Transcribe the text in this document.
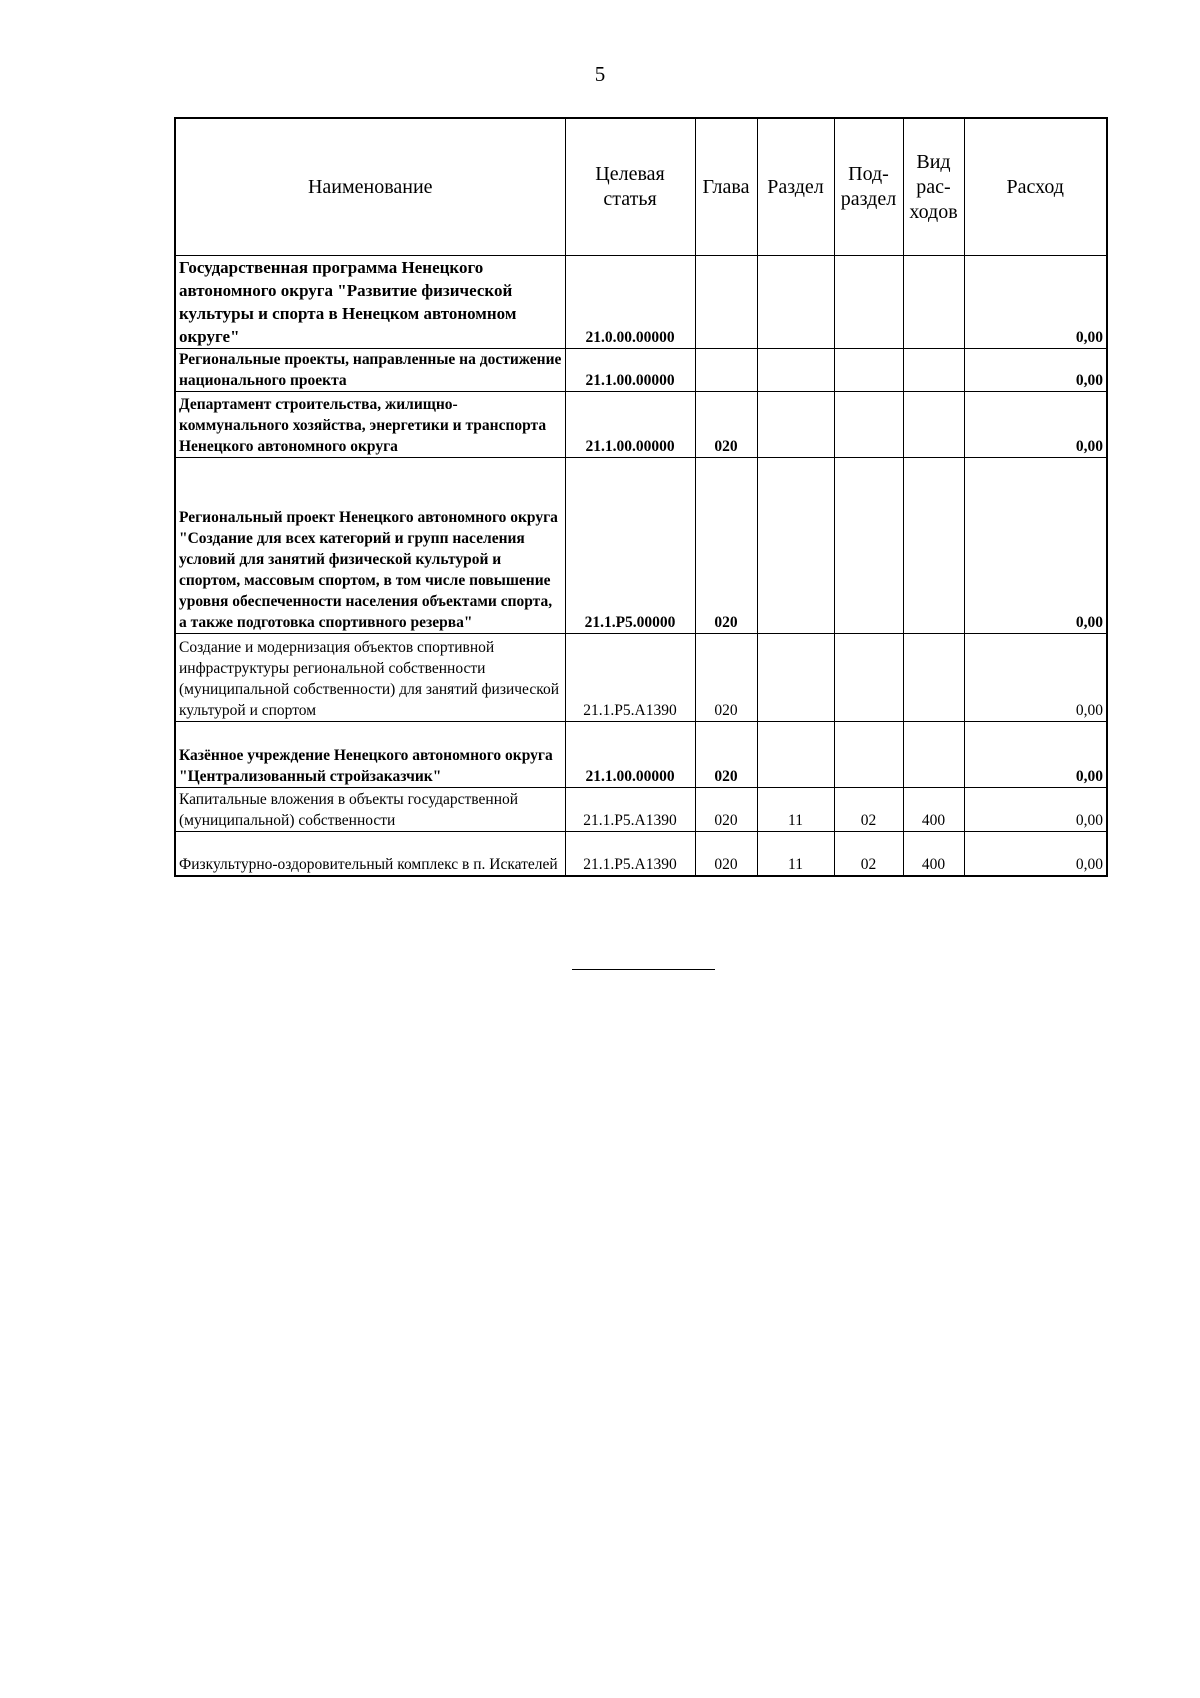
5
Наименование	Целевая статья	Глава	Раздел	Под-раздел	Вид рас-ходов	Расход
Государственная программа Ненецкого автономного округа "Развитие физической культуры и спорта в Ненецком автономном округе"	21.0.00.00000					0,00
Региональные проекты, направленные на достижение национального проекта	21.1.00.00000					0,00
Департамент строительства, жилищно-коммунального хозяйства, энергетики и транспорта Ненецкого автономного округа	21.1.00.00000	020				0,00
Региональный проект Ненецкого автономного округа "Создание для всех категорий и групп населения условий для занятий физической культурой и спортом, массовым спортом, в том числе повышение уровня обеспеченности населения объектами спорта, а также подготовка спортивного резерва"	21.1.P5.00000	020				0,00
Создание и модернизация объектов спортивной инфраструктуры региональной собственности (муниципальной собственности) для занятий физической культурой и спортом	21.1.P5.A1390	020				0,00
Казённое учреждение Ненецкого автономного округа "Централизованный стройзаказчик"	21.1.00.00000	020				0,00
Капитальные вложения в объекты государственной (муниципальной) собственности	21.1.P5.A1390	020	11	02	400	0,00
Физкультурно-оздоровительный комплекс в п. Искателей	21.1.P5.A1390	020	11	02	400	0,00
